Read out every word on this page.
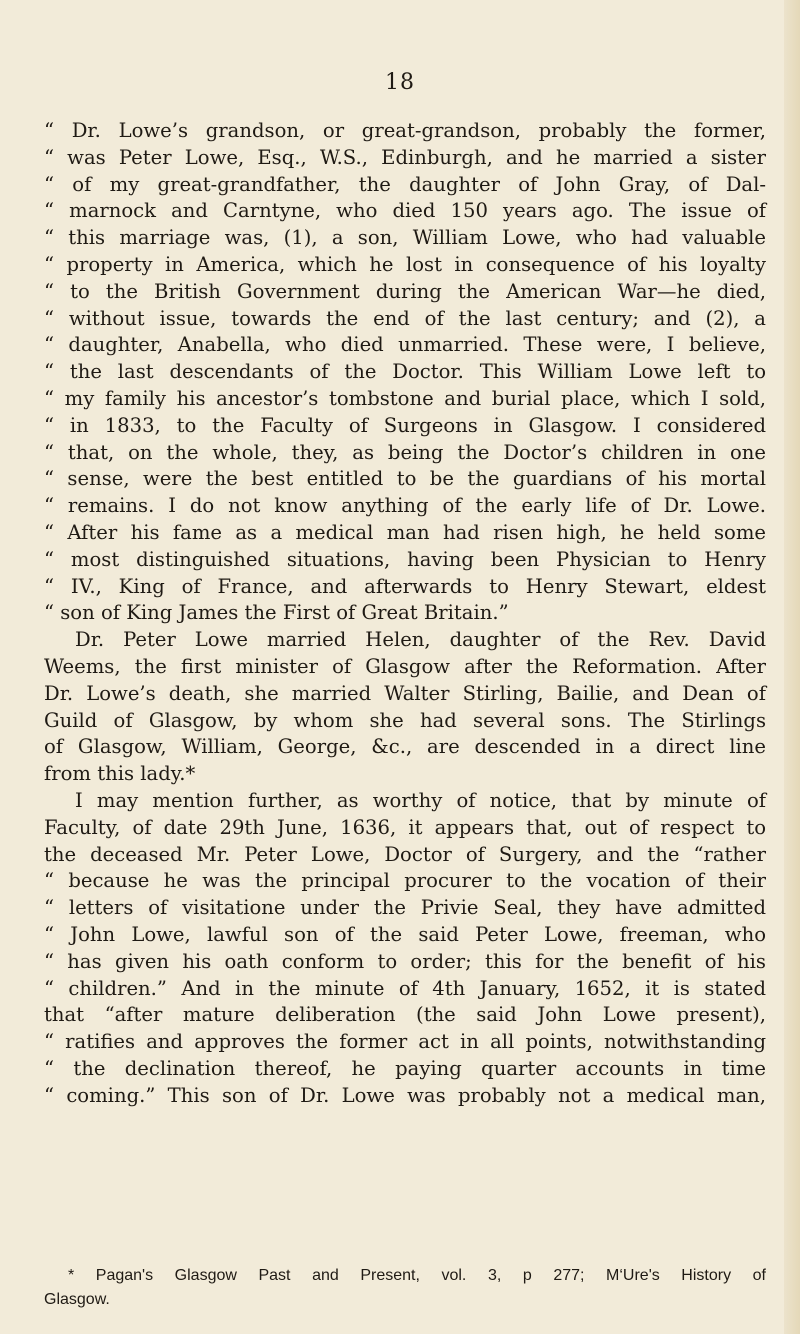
18
“ Dr. Lowe’s grandson, or great-grandson, probably the former,
“ was Peter Lowe, Esq., W.S., Edinburgh, and he married a sister
“ of my great-grandfather, the daughter of John Gray, of Dal-
“ marnock and Carntyne, who died 150 years ago. The issue of
“ this marriage was, (1), a son, William Lowe, who had valuable
“ property in America, which he lost in consequence of his loyalty
“ to the British Government during the American War—he died,
“ without issue, towards the end of the last century; and (2), a
“ daughter, Anabella, who died unmarried. These were, I believe,
“ the last descendants of the Doctor. This William Lowe left to
“ my family his ancestor’s tombstone and burial place, which I sold,
“ in 1833, to the Faculty of Surgeons in Glasgow. I considered
“ that, on the whole, they, as being the Doctor’s children in one
“ sense, were the best entitled to be the guardians of his mortal
“ remains. I do not know anything of the early life of Dr. Lowe.
“ After his fame as a medical man had risen high, he held some
“ most distinguished situations, having been Physician to Henry
“ IV., King of France, and afterwards to Henry Stewart, eldest
“ son of King James the First of Great Britain.”
Dr. Peter Lowe married Helen, daughter of the Rev. David
Weems, the first minister of Glasgow after the Reformation. After
Dr. Lowe’s death, she married Walter Stirling, Bailie, and Dean of
Guild of Glasgow, by whom she had several sons. The Stirlings
of Glasgow, William, George, &c., are descended in a direct line
from this lady.*
I may mention further, as worthy of notice, that by minute of
Faculty, of date 29th June, 1636, it appears that, out of respect to
the deceased Mr. Peter Lowe, Doctor of Surgery, and the “rather
“ because he was the principal procurer to the vocation of their
“ letters of visitatione under the Privie Seal, they have admitted
“ John Lowe, lawful son of the said Peter Lowe, freeman, who
“ has given his oath conform to order; this for the benefit of his
“ children.” And in the minute of 4th January, 1652, it is stated
that “after mature deliberation (the said John Lowe present),
“ ratifies and approves the former act in all points, notwithstanding
“ the declination thereof, he paying quarter accounts in time
“ coming.” This son of Dr. Lowe was probably not a medical man,
* Pagan's Glasgow Past and Present, vol. 3, p 277; M‘Ure's History of
Glasgow.
